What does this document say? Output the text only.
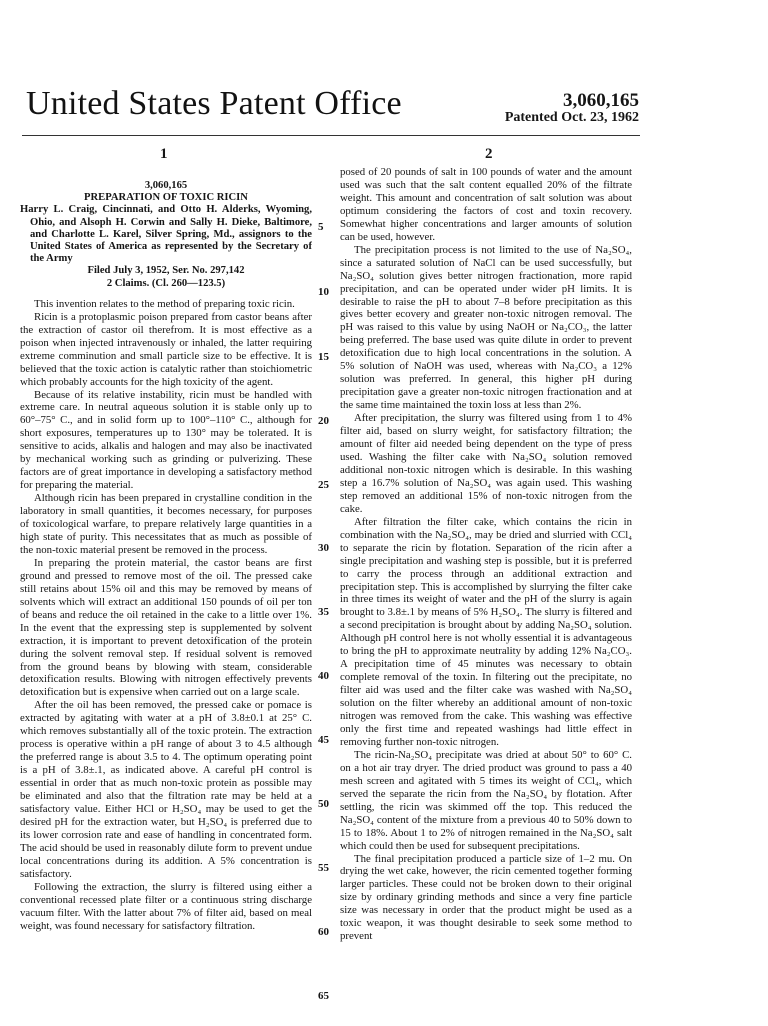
United States Patent Office	3,060,165
Patented Oct. 23, 1962
1	2
3,060,165
PREPARATION OF TOXIC RICIN
Harry L. Craig, Cincinnati, and Otto H. Alderks, Wyoming, Ohio, and Alsoph H. Corwin and Sally H. Dieke, Baltimore, and Charlotte L. Karel, Silver Spring, Md., assignors to the United States of America as represented by the Secretary of the Army
Filed July 3, 1952, Ser. No. 297,142
2 Claims. (Cl. 260—123.5)

This invention relates to the method of preparing toxic ricin.

Ricin is a protoplasmic poison prepared from castor beans after the extraction of castor oil therefrom. It is most effective as a poison when injected intravenously or inhaled, the latter requiring extreme comminution and small particle size to be effective. It is believed that the toxic action is catalytic rather than stoichiometric which probably accounts for the high toxicity of the agent.

Because of its relative instability, ricin must be handled with extreme care. In neutral aqueous solution it is stable only up to 60°–75° C., and in solid form up to 100°–110° C., although for short exposures, temperatures up to 130° may be tolerated. It is sensitive to acids, alkalis and halogen and may also be inactivated by mechanical working such as grinding or pulverizing. These factors are of great importance in developing a satisfactory method for preparing the material.

Although ricin has been prepared in crystalline condition in the laboratory in small quantities, it becomes necessary, for purposes of toxicological warfare, to prepare relatively large quantities in a high state of purity. This necessitates that as much as possible of the non-toxic material present be removed in the process.

In preparing the protein material, the castor beans are first ground and pressed to remove most of the oil. The pressed cake still retains about 15% oil and this may be removed by means of solvents which will extract an additional 150 pounds of oil per ton of beans and reduce the oil retained in the cake to a little over 1%. In the event that the expressing step is supplemented by solvent extraction, it is important to prevent detoxification of the protein during the solvent removal step. If residual solvent is removed from the ground beans by blowing with steam, considerable detoxification results. Blowing with nitrogen effectively prevents detoxification but is expensive when carried out on a large scale.

After the oil has been removed, the pressed cake or pomace is extracted by agitating with water at a pH of 3.8±0.1 at 25° C. which removes substantially all of the toxic protein. The extraction process is operative within a pH range of about 3 to 4.5 although the preferred range is about 3.5 to 4. The optimum operating point is a pH of 3.8±.1, as indicated above. A careful pH control is essential in order that as much non-toxic protein as possible may be eliminated and also that the filtration rate may be held at a satisfactory value. Either HCl or H₂SO₄ may be used to get the desired pH for the extraction water, but H₂SO₄ is preferred due to its lower corrosion rate and ease of handling in concentrated form. The acid should be used in reasonably dilute form to prevent undue local concentrations during its addition. A 5% concentration is satisfactory.

Following the extraction, the slurry is filtered using either a conventional recessed plate filter or a continuous string discharge vacuum filter. With the latter about 7% of filter aid, based on meal weight, was found necessary for satisfactory filtration.

posed of 20 pounds of salt in 100 pounds of water and the amount used was such that the salt content equalled 20% of the filtrate weight. This amount and concentration of salt solution was about optimum considering the factors of cost and toxin recovery. Somewhat higher concentrations and larger amounts of solution can be used, however.

The precipitation process is not limited to the use of Na₂SO₄, since a saturated solution of NaCl can be used successfully, but Na₂SO₄ solution gives better nitrogen fractionation, more rapid precipitation, and can be operated under wider pH limits. It is desirable to raise the pH to about 7–8 before precipitation as this gives better ecovery and greater non-toxic nitrogen removal. The pH was raised to this value by using NaOH or Na₂CO₃, the latter being preferred. The base used was quite dilute in order to prevent detoxification due to high local concentrations in the solution. A 5% solution of NaOH was used, whereas with Na₂CO₃ a 12% solution was preferred. In general, this higher pH during precipitation gave a greater non-toxic nitrogen fractionation and at the same time maintained the toxin loss at less than 2%.

After precipitation, the slurry was filtered using from 1 to 4% filter aid, based on slurry weight, for satisfactory filtration; the amount of filter aid needed being dependent on the type of press used. Washing the filter cake with Na₂SO₄ solution removed additional non-toxic nitrogen which is desirable. In this washing step a 16.7% solution of Na₂SO₄ was again used. This washing step removed an additional 15% of non-toxic nitrogen from the cake.

After filtration the filter cake, which contains the ricin in combination with the Na₂SO₄, may be dried and slurried with CCl₄ to separate the ricin by flotation. Separation of the ricin after a single precipitation and washing step is possible, but it is preferred to carry the process through an additional extraction and precipitation step. This is accomplished by slurrying the filter cake in three times its weight of water and the pH of the slurry is again brought to 3.8±.1 by means of 5% H₂SO₄. The slurry is filtered and a second precipitation is brought about by adding Na₂SO₄ solution. Although pH control here is not wholly essential it is advantageous to bring the pH to approximate neutrality by adding 12% Na₂CO₃. A precipitation time of 45 minutes was necessary to obtain complete removal of the toxin. In filtering out the precipitate, no filter aid was used and the filter cake was washed with Na₂SO₄ solution on the filter whereby an additional amount of non-toxic nitrogen was removed from the cake. This washing was effective only the first time and repeated washings had little effect in removing further non-toxic nitrogen.

The ricin-Na₂SO₄ precipitate was dried at about 50° to 60° C. on a hot air tray dryer. The dried product was ground to pass a 40 mesh screen and agitated with 5 times its weight of CCl₄, which served the separate the ricin from the Na₂SO₄ by flotation. After settling, the ricin was skimmed off the top. This reduced the Na₂SO₄ content of the mixture from a previous 40 to 50% down to 15 to 18%. About 1 to 2% of nitrogen remained in the Na₂SO₄ salt which could then be used for subsequent precipitations.

The final precipitation produced a particle size of 1–2 mu. On drying the wet cake, however, the ricin cemented together forming larger particles. These could not be broken down to their original size by ordinary grinding methods and since a very fine particle size was necessary in order that the product might be used as a toxic weapon, it was thought desirable to seek some method to prevent

5
10
15
20
25
30
35
40
45
50
55
60
65
